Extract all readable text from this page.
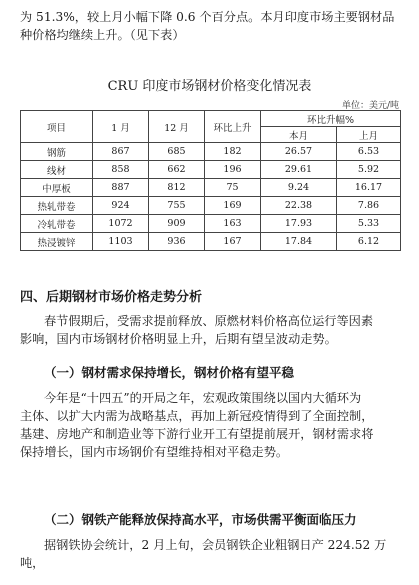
为 51.3%，较上月小幅下降 0.6 个百分点。本月印度市场主要钢材品
种价格均继续上升。（见下表）
CRU 印度市场钢材价格变化情况表
单位：美元/吨
项目	1 月	12 月	环比上升	环比升幅%	
				本月	上月
钢筋	867	685	182	26.57	6.53
线材	858	662	196	29.61	5.92
中厚板	887	812	75	9.24	16.17
热轧带卷	924	755	169	22.38	7.86
冷轧带卷	1072	909	163	17.93	5.33
热浸镀锌	1103	936	167	17.84	6.12
四、后期钢材市场价格走势分析
春节假期后，受需求提前释放、原燃材料价格高位运行等因素
影响，国内市场钢材价格明显上升，后期有望呈波动走势。
（一）钢材需求保持增长，钢材价格有望平稳
今年是“十四五”的开局之年，宏观政策围绕以国内大循环为
主体、以扩大内需为战略基点，再加上新冠疫情得到了全面控制，
基建、房地产和制造业等下游行业开工有望提前展开，钢材需求将
保持增长，国内市场钢价有望维持相对平稳走势。
（二）钢铁产能释放保持高水平，市场供需平衡面临压力
据钢铁协会统计，2 月上旬，会员钢铁企业粗钢日产 224.52 万
吨，
